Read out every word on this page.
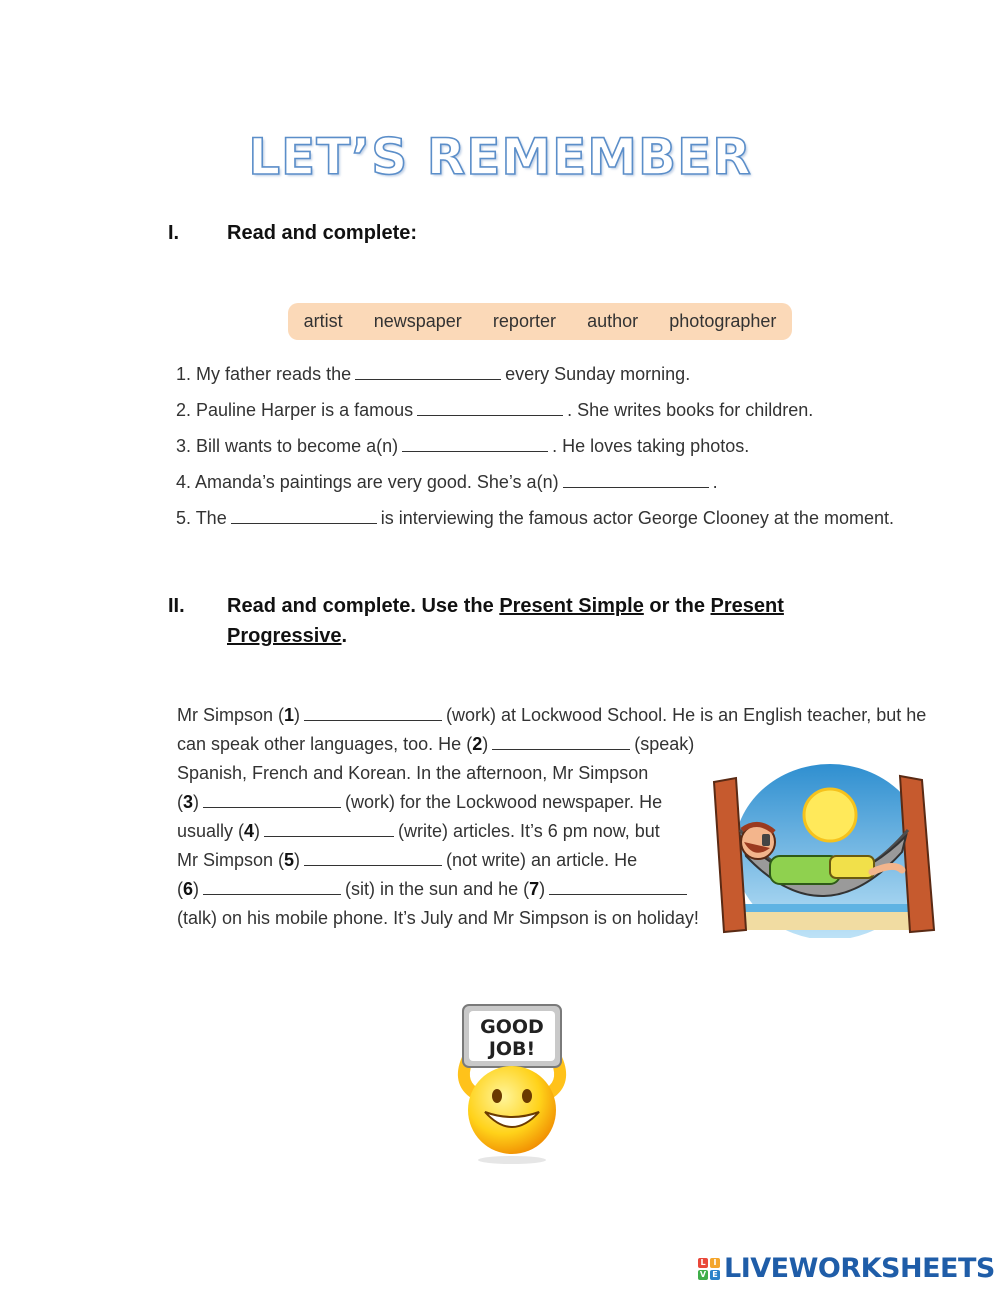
LET’S REMEMBER
I. Read and complete:
artist	newspaper	reporter	author	photographer
1. My father reads the	every Sunday morning.
2. Pauline Harper is a famous	. She writes books for children.
3. Bill wants to become a(n)	. He loves taking photos.
4. Amanda’s paintings are very good. She’s a(n)	.
5. The	is interviewing the famous actor George Clooney at the moment.
II. Read and complete. Use the Present Simple or the Present
Progressive.
Mr Simpson (1)	(work) at Lockwood School. He is an English teacher, but he
can speak other languages, too. He (2)	(speak)
Spanish, French and Korean. In the afternoon, Mr Simpson
(3)	(work) for the Lockwood newspaper. He
usually (4)	(write) articles. It’s 6 pm now, but
Mr Simpson (5)	(not write) an article. He
(6)	(sit) in the sun and he (7)
(talk) on his mobile phone. It’s July and Mr Simpson is on holiday!
GOOD
JOB!
L I
V E LIVEWORKSHEETS
